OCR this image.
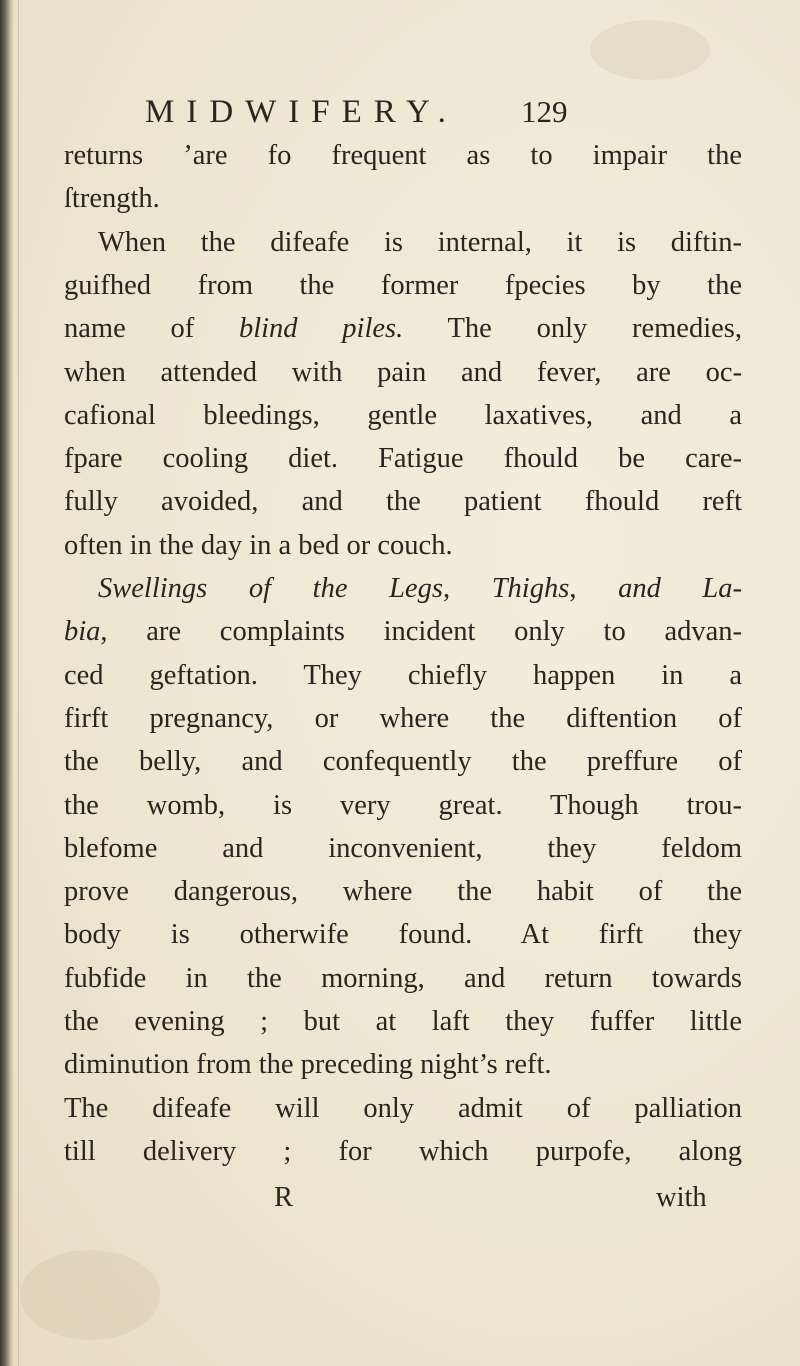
MIDWIFERY. 129
returns ’are fo frequent as to impair the
ſtrength.
When the difeafe is internal, it is diftin-
guifhed from the former fpecies by the
name of blind piles. The only remedies,
when attended with pain and fever, are oc-
cafional bleedings, gentle laxatives, and a
fpare cooling diet. Fatigue fhould be care-
fully avoided, and the patient fhould reft
often in the day in a bed or couch.
Swellings of the Legs, Thighs, and La-
bia, are complaints incident only to advan-
ced geftation. They chiefly happen in a
firft pregnancy, or where the diftention of
the belly, and confequently the preffure of
the womb, is very great. Though trou-
blefome and inconvenient, they feldom
prove dangerous, where the habit of the
body is otherwife found. At firft they
fubfide in the morning, and return towards
the evening ; but at laft they fuffer little
diminution from the preceding night’s reft.
The difeafe will only admit of palliation
till delivery ; for which purpofe, along
R	with
